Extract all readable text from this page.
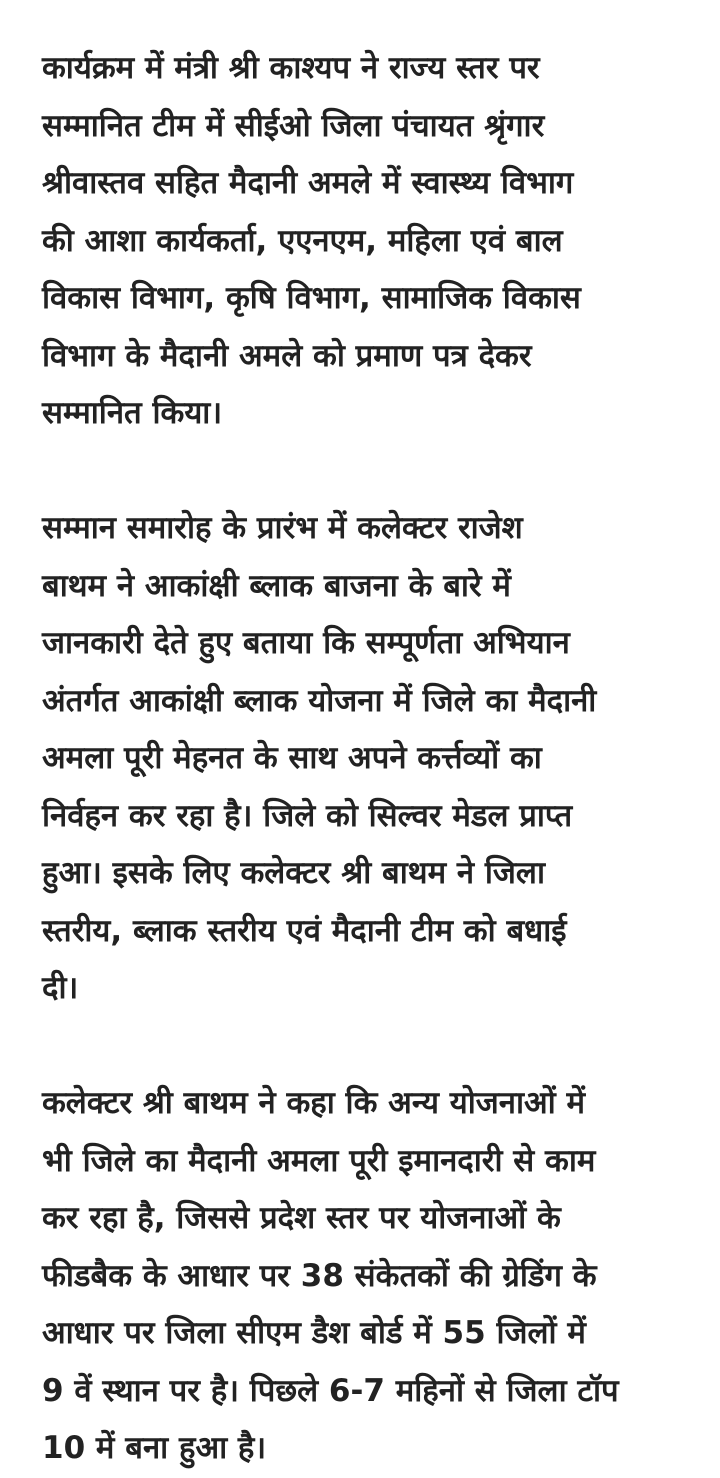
कार्यक्रम में मंत्री श्री काश्यप ने राज्य स्तर पर
सम्मानित टीम में सीईओ जिला पंचायत श्रृंगार
श्रीवास्तव सहित मैदानी अमले में स्वास्थ्य विभाग
की आशा कार्यकर्ता, एएनएम, महिला एवं बाल
विकास विभाग, कृषि विभाग, सामाजिक विकास
विभाग के मैदानी अमले को प्रमाण पत्र देकर
सम्मानित किया।

सम्मान समारोह के प्रारंभ में कलेक्टर राजेश
बाथम ने आकांक्षी ब्लाक बाजना के बारे में
जानकारी देते हुए बताया कि सम्पूर्णता अभियान
अंतर्गत आकांक्षी ब्लाक योजना में जिले का मैदानी
अमला पूरी मेहनत के साथ अपने कर्त्तव्यों का
निर्वहन कर रहा है। जिले को सिल्वर मेडल प्राप्त
हुआ। इसके लिए कलेक्टर श्री बाथम ने जिला
स्तरीय, ब्लाक स्तरीय एवं मैदानी टीम को बधाई
दी।

कलेक्टर श्री बाथम ने कहा कि अन्य योजनाओं में
भी जिले का मैदानी अमला पूरी इमानदारी से काम
कर रहा है, जिससे प्रदेश स्तर पर योजनाओं के
फीडबैक के आधार पर 38 संकेतकों की ग्रेडिंग के
आधार पर जिला सीएम डैश बोर्ड में 55 जिलों में
9 वें स्थान पर है। पिछले 6-7 महिनों से जिला टॉप
10 में बना हुआ है।
